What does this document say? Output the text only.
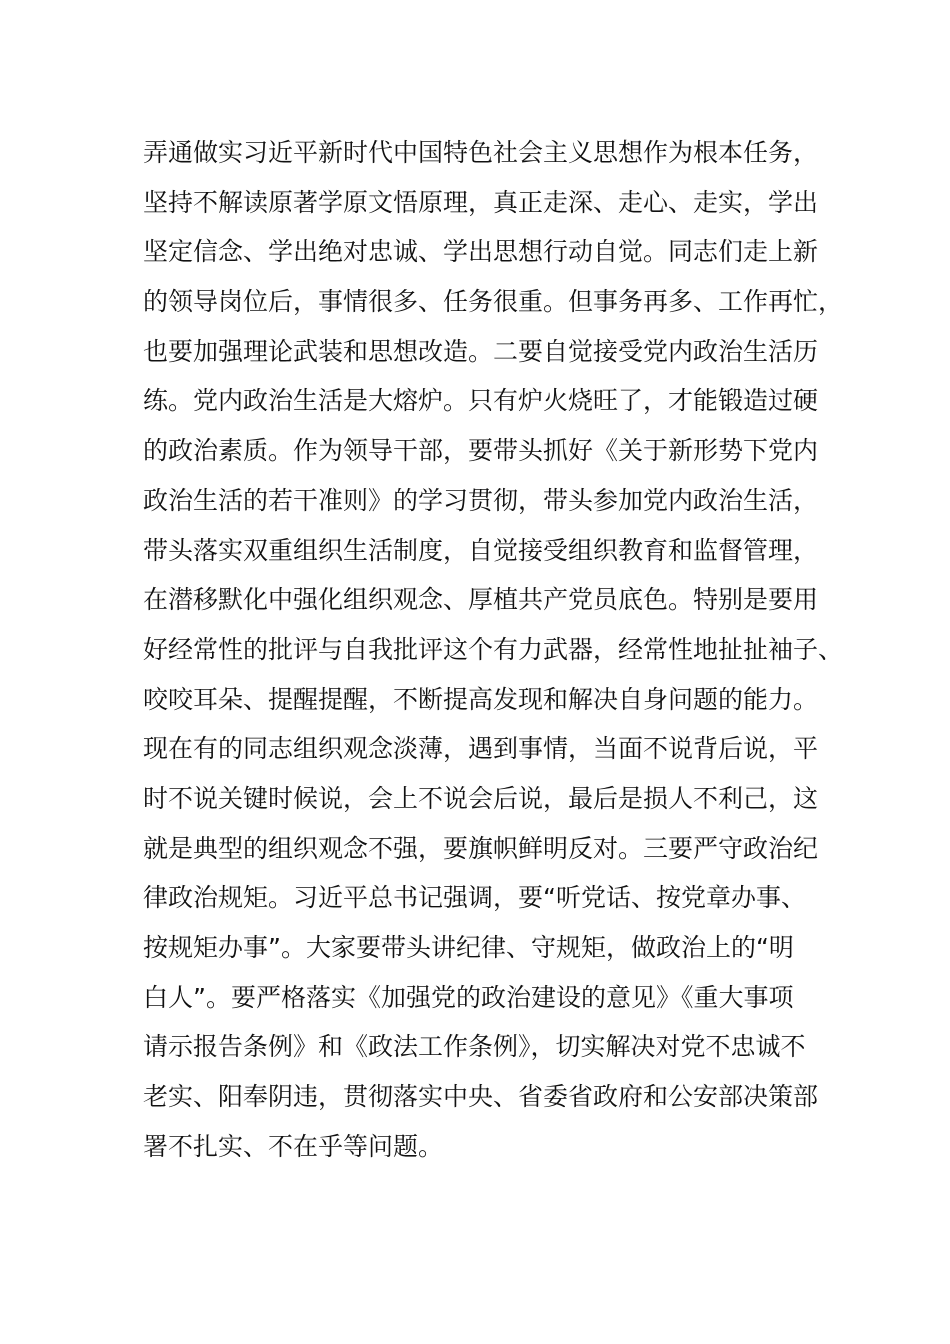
弄通做实习近平新时代中国特色社会主义思想作为根本任务，
坚持不解读原著学原文悟原理，真正走深、走心、走实，学出
坚定信念、学出绝对忠诚、学出思想行动自觉。同志们走上新
的领导岗位后，事情很多、任务很重。但事务再多、工作再忙，
也要加强理论武装和思想改造。二要自觉接受党内政治生活历
练。党内政治生活是大熔炉。只有炉火烧旺了，才能锻造过硬
的政治素质。作为领导干部，要带头抓好《关于新形势下党内
政治生活的若干准则》的学习贯彻，带头参加党内政治生活，
带头落实双重组织生活制度，自觉接受组织教育和监督管理，
在潜移默化中强化组织观念、厚植共产党员底色。特别是要用
好经常性的批评与自我批评这个有力武器，经常性地扯扯袖子、
咬咬耳朵、提醒提醒，不断提高发现和解决自身问题的能力。
现在有的同志组织观念淡薄，遇到事情，当面不说背后说，平
时不说关键时候说，会上不说会后说，最后是损人不利己，这
就是典型的组织观念不强，要旗帜鲜明反对。三要严守政治纪
律政治规矩。习近平总书记强调，要“听党话、按党章办事、
按规矩办事”。大家要带头讲纪律、守规矩，做政治上的“明
白人”。要严格落实《加强党的政治建设的意见》《重大事项
请示报告条例》和《政法工作条例》，切实解决对党不忠诚不
老实、阳奉阴违，贯彻落实中央、省委省政府和公安部决策部
署不扎实、不在乎等问题。
